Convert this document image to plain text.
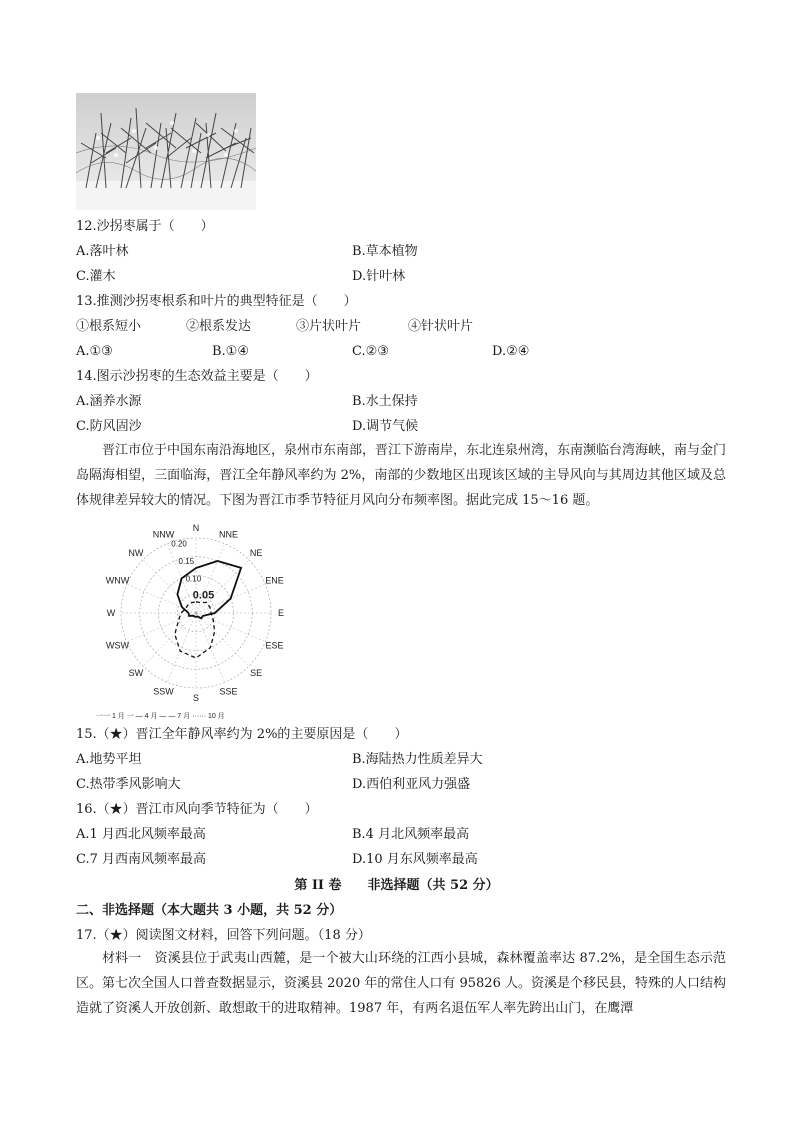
12.沙拐枣属于（　　）
A.落叶林	B.草本植物
C.灌木	D.针叶林
13.推测沙拐枣根系和叶片的典型特征是（　　）
①根系短小	②根系发达	③片状叶片	④针状叶片
A.①③	B.①④	C.②③	D.②④
14.图示沙拐枣的生态效益主要是（　　）
A.涵养水源	B.水土保持
C.防风固沙	D.调节气候
晋江市位于中国东南沿海地区，泉州市东南部，晋江下游南岸，东北连泉州湾，东南濒临台湾海峡，南与金门岛隔海相望，三面临海，晋江全年静风率约为 2%，南部的少数地区出现该区域的主导风向与其周边其他区域及总体规律差异较大的情况。下图为晋江市季节特征月风向分布频率图。据此完成 15～16 题。
N
NNE
NE
ENE
E
ESE
SE
SSE
S
SSW
SW
WSW
W
WNW
NW
NNW
0.20
0.15
0.10
0.05
一一 1 月 一 — 4 月 — — 7 月 ······ 10 月
15.（★）晋江全年静风率约为 2%的主要原因是（　　）
A.地势平坦	B.海陆热力性质差异大
C.热带季风影响大	D.西伯利亚风力强盛
16.（★）晋江市风向季节特征为（　　）
A.1 月西北风频率最高	B.4 月北风频率最高
C.7 月西南风频率最高	D.10 月东风频率最高
第 II 卷　　非选择题（共 52 分）
二、非选择题（本大题共 3 小题，共 52 分）
17.（★）阅读图文材料，回答下列问题。（18 分）
材料一　资溪县位于武夷山西麓，是一个被大山环绕的江西小县城，森林覆盖率达 87.2%，是全国生态示范区。第七次全国人口普查数据显示，资溪县 2020 年的常住人口有 95826 人。资溪是个移民县，特殊的人口结构造就了资溪人开放创新、敢想敢干的进取精神。1987 年，有两名退伍军人率先跨出山门，在鹰潭
